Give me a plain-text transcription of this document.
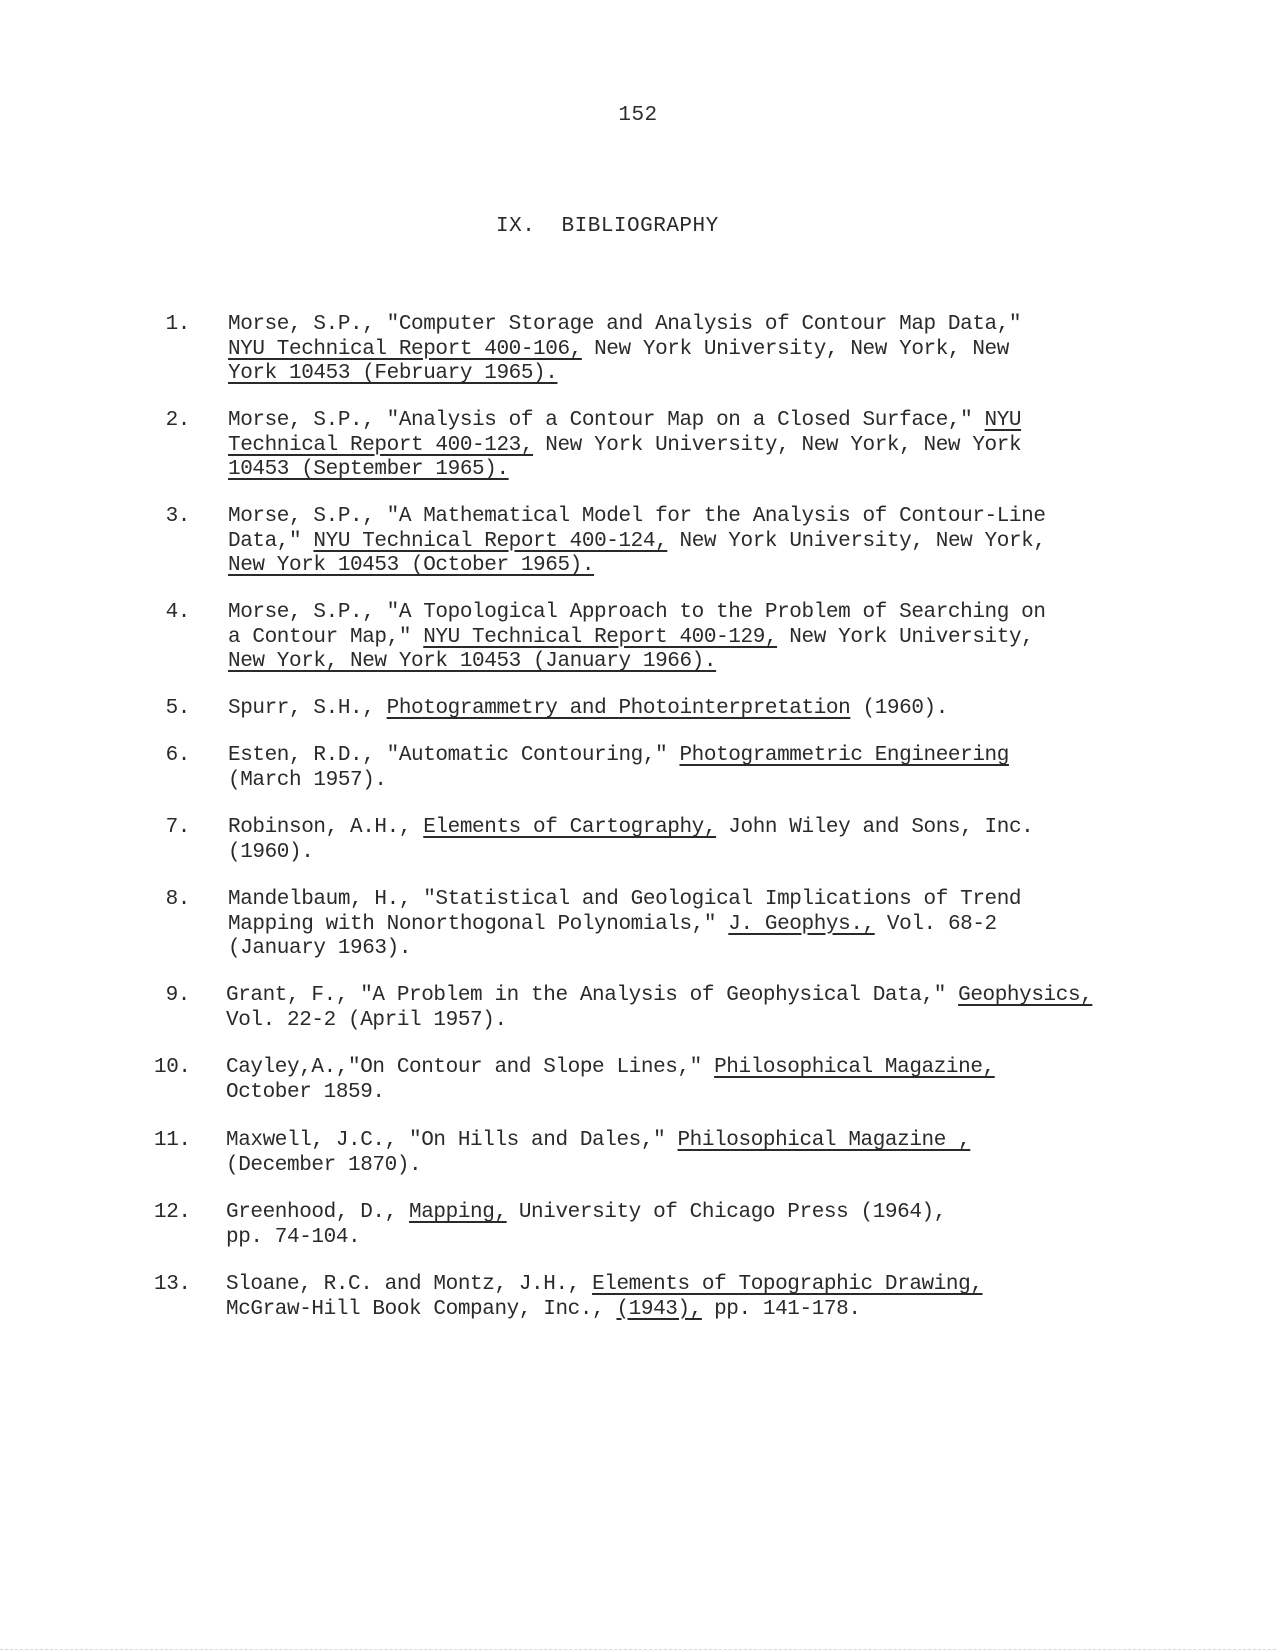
152
IX.  BIBLIOGRAPHY
1. Morse, S.P., "Computer Storage and Analysis of Contour Map Data,"
NYU Technical Report 400-106, New York University, New York, New
York 10453 (February 1965).
2. Morse, S.P., "Analysis of a Contour Map on a Closed Surface," NYU
Technical Report 400-123, New York University, New York, New York
10453 (September 1965).
3. Morse, S.P., "A Mathematical Model for the Analysis of Contour-Line
Data," NYU Technical Report 400-124, New York University, New York,
New York 10453 (October 1965).
4. Morse, S.P., "A Topological Approach to the Problem of Searching on
a Contour Map," NYU Technical Report 400-129, New York University,
New York, New York 10453 (January 1966).
5. Spurr, S.H., Photogrammetry and Photointerpretation (1960).
6. Esten, R.D., "Automatic Contouring," Photogrammetric Engineering
(March 1957).
7. Robinson, A.H., Elements of Cartography, John Wiley and Sons, Inc.
(1960).
8. Mandelbaum, H., "Statistical and Geological Implications of Trend
Mapping with Nonorthogonal Polynomials," J. Geophys., Vol. 68-2
(January 1963).
9. Grant, F., "A Problem in the Analysis of Geophysical Data," Geophysics,
Vol. 22-2 (April 1957).
10. Cayley,A.,"On Contour and Slope Lines," Philosophical Magazine,
October 1859.
11. Maxwell, J.C., "On Hills and Dales," Philosophical Magazine ,
(December 1870).
12. Greenhood, D., Mapping, University of Chicago Press (1964),
pp. 74-104.
13. Sloane, R.C. and Montz, J.H., Elements of Topographic Drawing,
McGraw-Hill Book Company, Inc., (1943), pp. 141-178.
